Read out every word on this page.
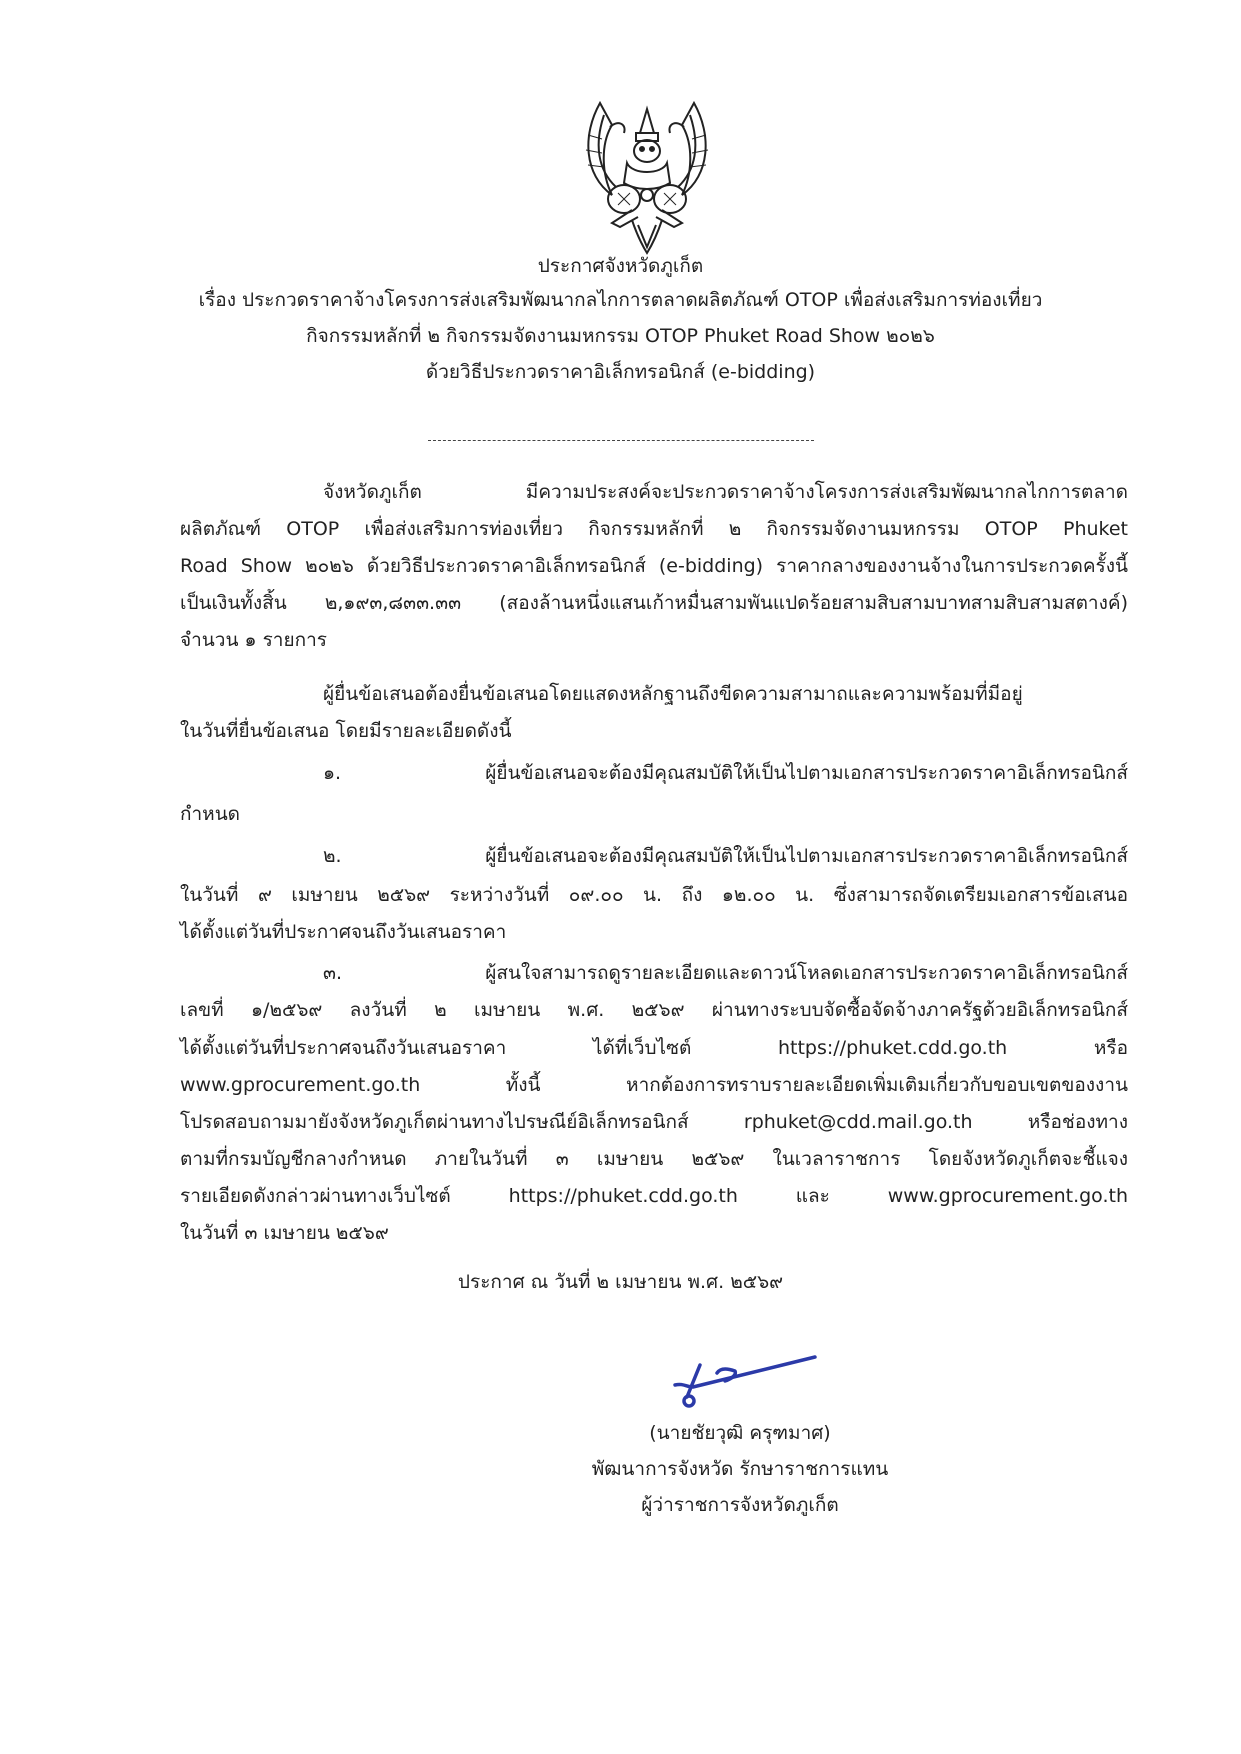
ประกาศจังหวัดภูเก็ต
เรื่อง ประกวดราคาจ้างโครงการส่งเสริมพัฒนากลไกการตลาดผลิตภัณฑ์ OTOP เพื่อส่งเสริมการท่องเที่ยว
กิจกรรมหลักที่ ๒ กิจกรรมจัดงานมหกรรม OTOP Phuket Road Show ๒๐๒๖
ด้วยวิธีประกวดราคาอิเล็กทรอนิกส์ (e-bidding)
จังหวัดภูเก็ต มีความประสงค์จะประกวดราคาจ้างโครงการส่งเสริมพัฒนากลไกการตลาด
ผลิตภัณฑ์ OTOP เพื่อส่งเสริมการท่องเที่ยว กิจกรรมหลักที่ ๒ กิจกรรมจัดงานมหกรรม OTOP Phuket
Road Show ๒๐๒๖ ด้วยวิธีประกวดราคาอิเล็กทรอนิกส์ (e-bidding) ราคากลางของงานจ้างในการประกวดครั้งนี้
เป็นเงินทั้งสิ้น ๒,๑๙๓,๘๓๓.๓๓ (สองล้านหนึ่งแสนเก้าหมื่นสามพันแปดร้อยสามสิบสามบาทสามสิบสามสตางค์)
จำนวน ๑ รายการ
ผู้ยื่นข้อเสนอต้องยื่นข้อเสนอโดยแสดงหลักฐานถึงขีดความสามาถและความพร้อมที่มีอยู่
ในวันที่ยื่นข้อเสนอ โดยมีรายละเอียดดังนี้
๑. ผู้ยื่นข้อเสนอจะต้องมีคุณสมบัติให้เป็นไปตามเอกสารประกวดราคาอิเล็กทรอนิกส์
กำหนด
๒. ผู้ยื่นข้อเสนอจะต้องมีคุณสมบัติให้เป็นไปตามเอกสารประกวดราคาอิเล็กทรอนิกส์
ในวันที่ ๙ เมษายน ๒๕๖๙ ระหว่างวันที่ ๐๙.๐๐ น. ถึง ๑๒.๐๐ น. ซึ่งสามารถจัดเตรียมเอกสารข้อเสนอ
ได้ตั้งแต่วันที่ประกาศจนถึงวันเสนอราคา
๓. ผู้สนใจสามารถดูรายละเอียดและดาวน์โหลดเอกสารประกวดราคาอิเล็กทรอนิกส์
เลขที่ ๑/๒๕๖๙ ลงวันที่ ๒ เมษายน พ.ศ. ๒๕๖๙ ผ่านทางระบบจัดซื้อจัดจ้างภาครัฐด้วยอิเล็กทรอนิกส์
ได้ตั้งแต่วันที่ประกาศจนถึงวันเสนอราคา ได้ที่เว็บไซต์ https://phuket.cdd.go.th หรือ
www.gprocurement.go.th ทั้งนี้ หากต้องการทราบรายละเอียดเพิ่มเติมเกี่ยวกับขอบเขตของงาน
โปรดสอบถามมายังจังหวัดภูเก็ตผ่านทางไปรษณีย์อิเล็กทรอนิกส์ rphuket@cdd.mail.go.th หรือช่องทาง
ตามที่กรมบัญชีกลางกำหนด ภายในวันที่ ๓ เมษายน ๒๕๖๙ ในเวลาราชการ โดยจังหวัดภูเก็ตจะชี้แจง
รายเอียดดังกล่าวผ่านทางเว็บไซต์ https://phuket.cdd.go.th และ www.gprocurement.go.th
ในวันที่ ๓ เมษายน ๒๕๖๙
ประกาศ ณ วันที่ ๒ เมษายน พ.ศ. ๒๕๖๙
(นายชัยวุฒิ ครุฑมาศ)
พัฒนาการจังหวัด รักษาราชการแทน
ผู้ว่าราชการจังหวัดภูเก็ต
